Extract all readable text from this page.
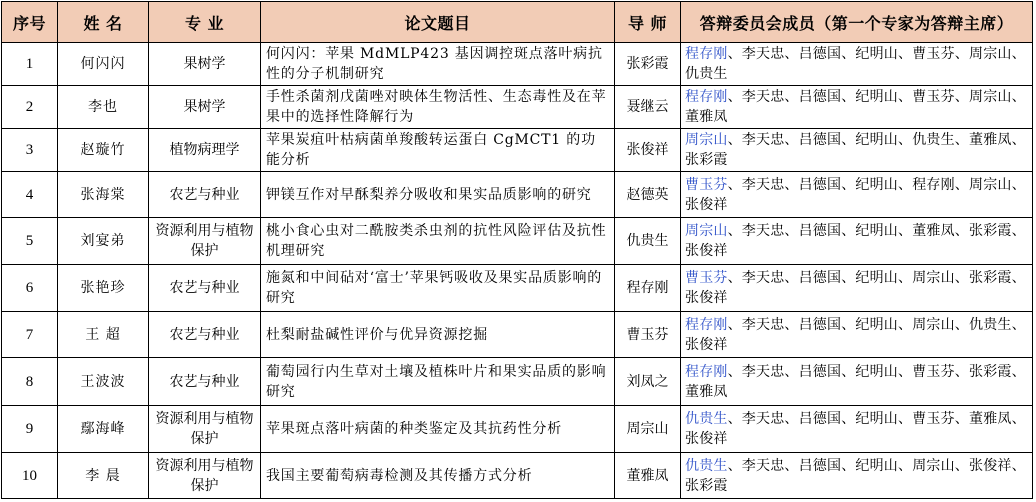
序号	姓 名	专 业	论文题目	导 师	答辩委员会成员（第一个专家为答辩主席）
1	何闪闪	果树学	何闪闪：苹果 MdMLP423 基因调控斑点落叶病抗性的分子机制研究	张彩霞	程存刚、李天忠、吕德国、纪明山、曹玉芬、周宗山、仇贵生
2	李也	果树学	手性杀菌剂戊菌唑对映体生物活性、生态毒性及在苹果中的选择性降解行为	聂继云	程存刚、李天忠、吕德国、纪明山、曹玉芬、周宗山、董雅凤
3	赵璇竹	植物病理学	苹果炭疽叶枯病菌单羧酸转运蛋白 CgMCT1 的功能分析	张俊祥	周宗山、李天忠、吕德国、纪明山、仇贵生、董雅凤、张彩霞
4	张海棠	农艺与种业	钾镁互作对早酥梨养分吸收和果实品质影响的研究	赵德英	曹玉芬、李天忠、吕德国、纪明山、程存刚、周宗山、张俊祥
5	刘宴弟	资源利用与植物保护	桃小食心虫对二酰胺类杀虫剂的抗性风险评估及抗性机理研究	仇贵生	周宗山、李天忠、吕德国、纪明山、董雅凤、张彩霞、张俊祥
6	张艳珍	农艺与种业	施氮和中间砧对‘富士’苹果钙吸收及果实品质影响的研究	程存刚	曹玉芬、李天忠、吕德国、纪明山、周宗山、张彩霞、张俊祥
7	王 超	农艺与种业	杜梨耐盐碱性评价与优异资源挖掘	曹玉芬	程存刚、李天忠、吕德国、纪明山、周宗山、仇贵生、张俊祥
8	王波波	农艺与种业	葡萄园行内生草对土壤及植株叶片和果实品质的影响研究	刘凤之	程存刚、李天忠、吕德国、纪明山、曹玉芬、张彩霞、董雅凤
9	鄢海峰	资源利用与植物保护	苹果斑点落叶病菌的种类鉴定及其抗药性分析	周宗山	仇贵生、李天忠、吕德国、纪明山、曹玉芬、董雅凤、张俊祥
10	李 晨	资源利用与植物保护	我国主要葡萄病毒检测及其传播方式分析	董雅凤	仇贵生、李天忠、吕德国、纪明山、周宗山、张俊祥、张彩霞
